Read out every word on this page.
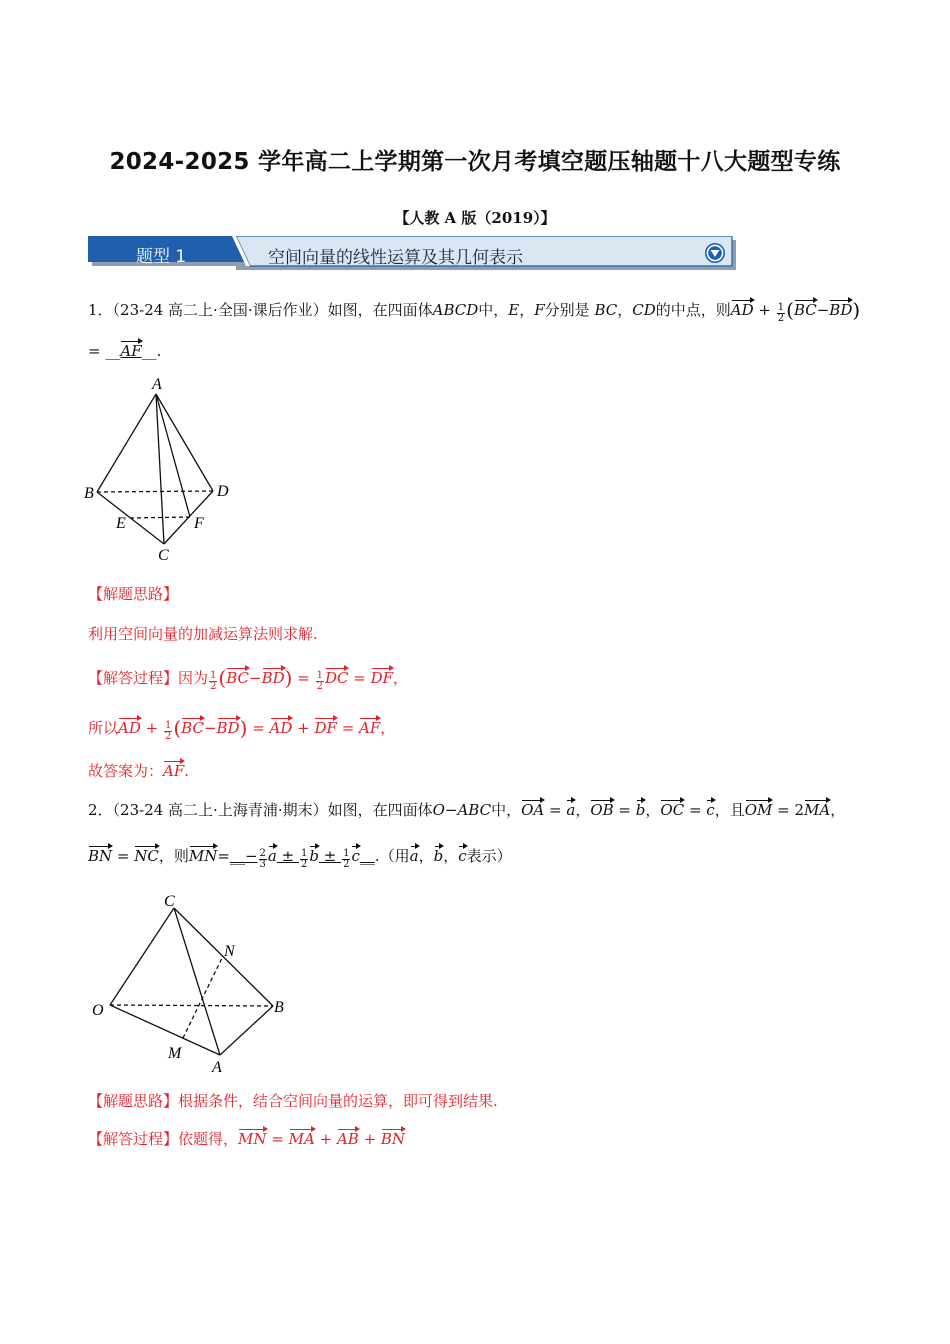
2024-2025 学年高二上学期第一次月考填空题压轴题十八大题型专练
【人教 A 版（2019）】
题型 1	空间向量的线性运算及其几何表示
1．（23-24 高二上·全国·课后作业）如图，在四面体ABCD中，E，F分别是 BC，CD的中点，则AD + $\frac{1}{2} (BC-BD)$
= __AF__.
A
B	D
E	F
C
【解题思路】
利用空间向量的加减运算法则求解.
【解答过程】因为 $\frac{1}{2} (BC-BD) = \frac{1}{2}$ DC = DF，
所以AD + $\frac{1}{2} (BC-BD)$ = AD + DF = AF，
故答案为：AF.
2．（23-24 高二上·上海青浦·期末）如图，在四面体O−ABC中，OA = a，OB = b，OC = c，且OM = 2MA，
BN = NC，则MN=__− $\frac{2}{3}$ $a \pm \frac{1}{2}$ $b \pm \frac{1}{2}$ c__.（用a，b，c表示）
C
N
O	B
M
A
【解题思路】根据条件，结合空间向量的运算，即可得到结果.
【解答过程】依题得，MN = MA + AB + BN
